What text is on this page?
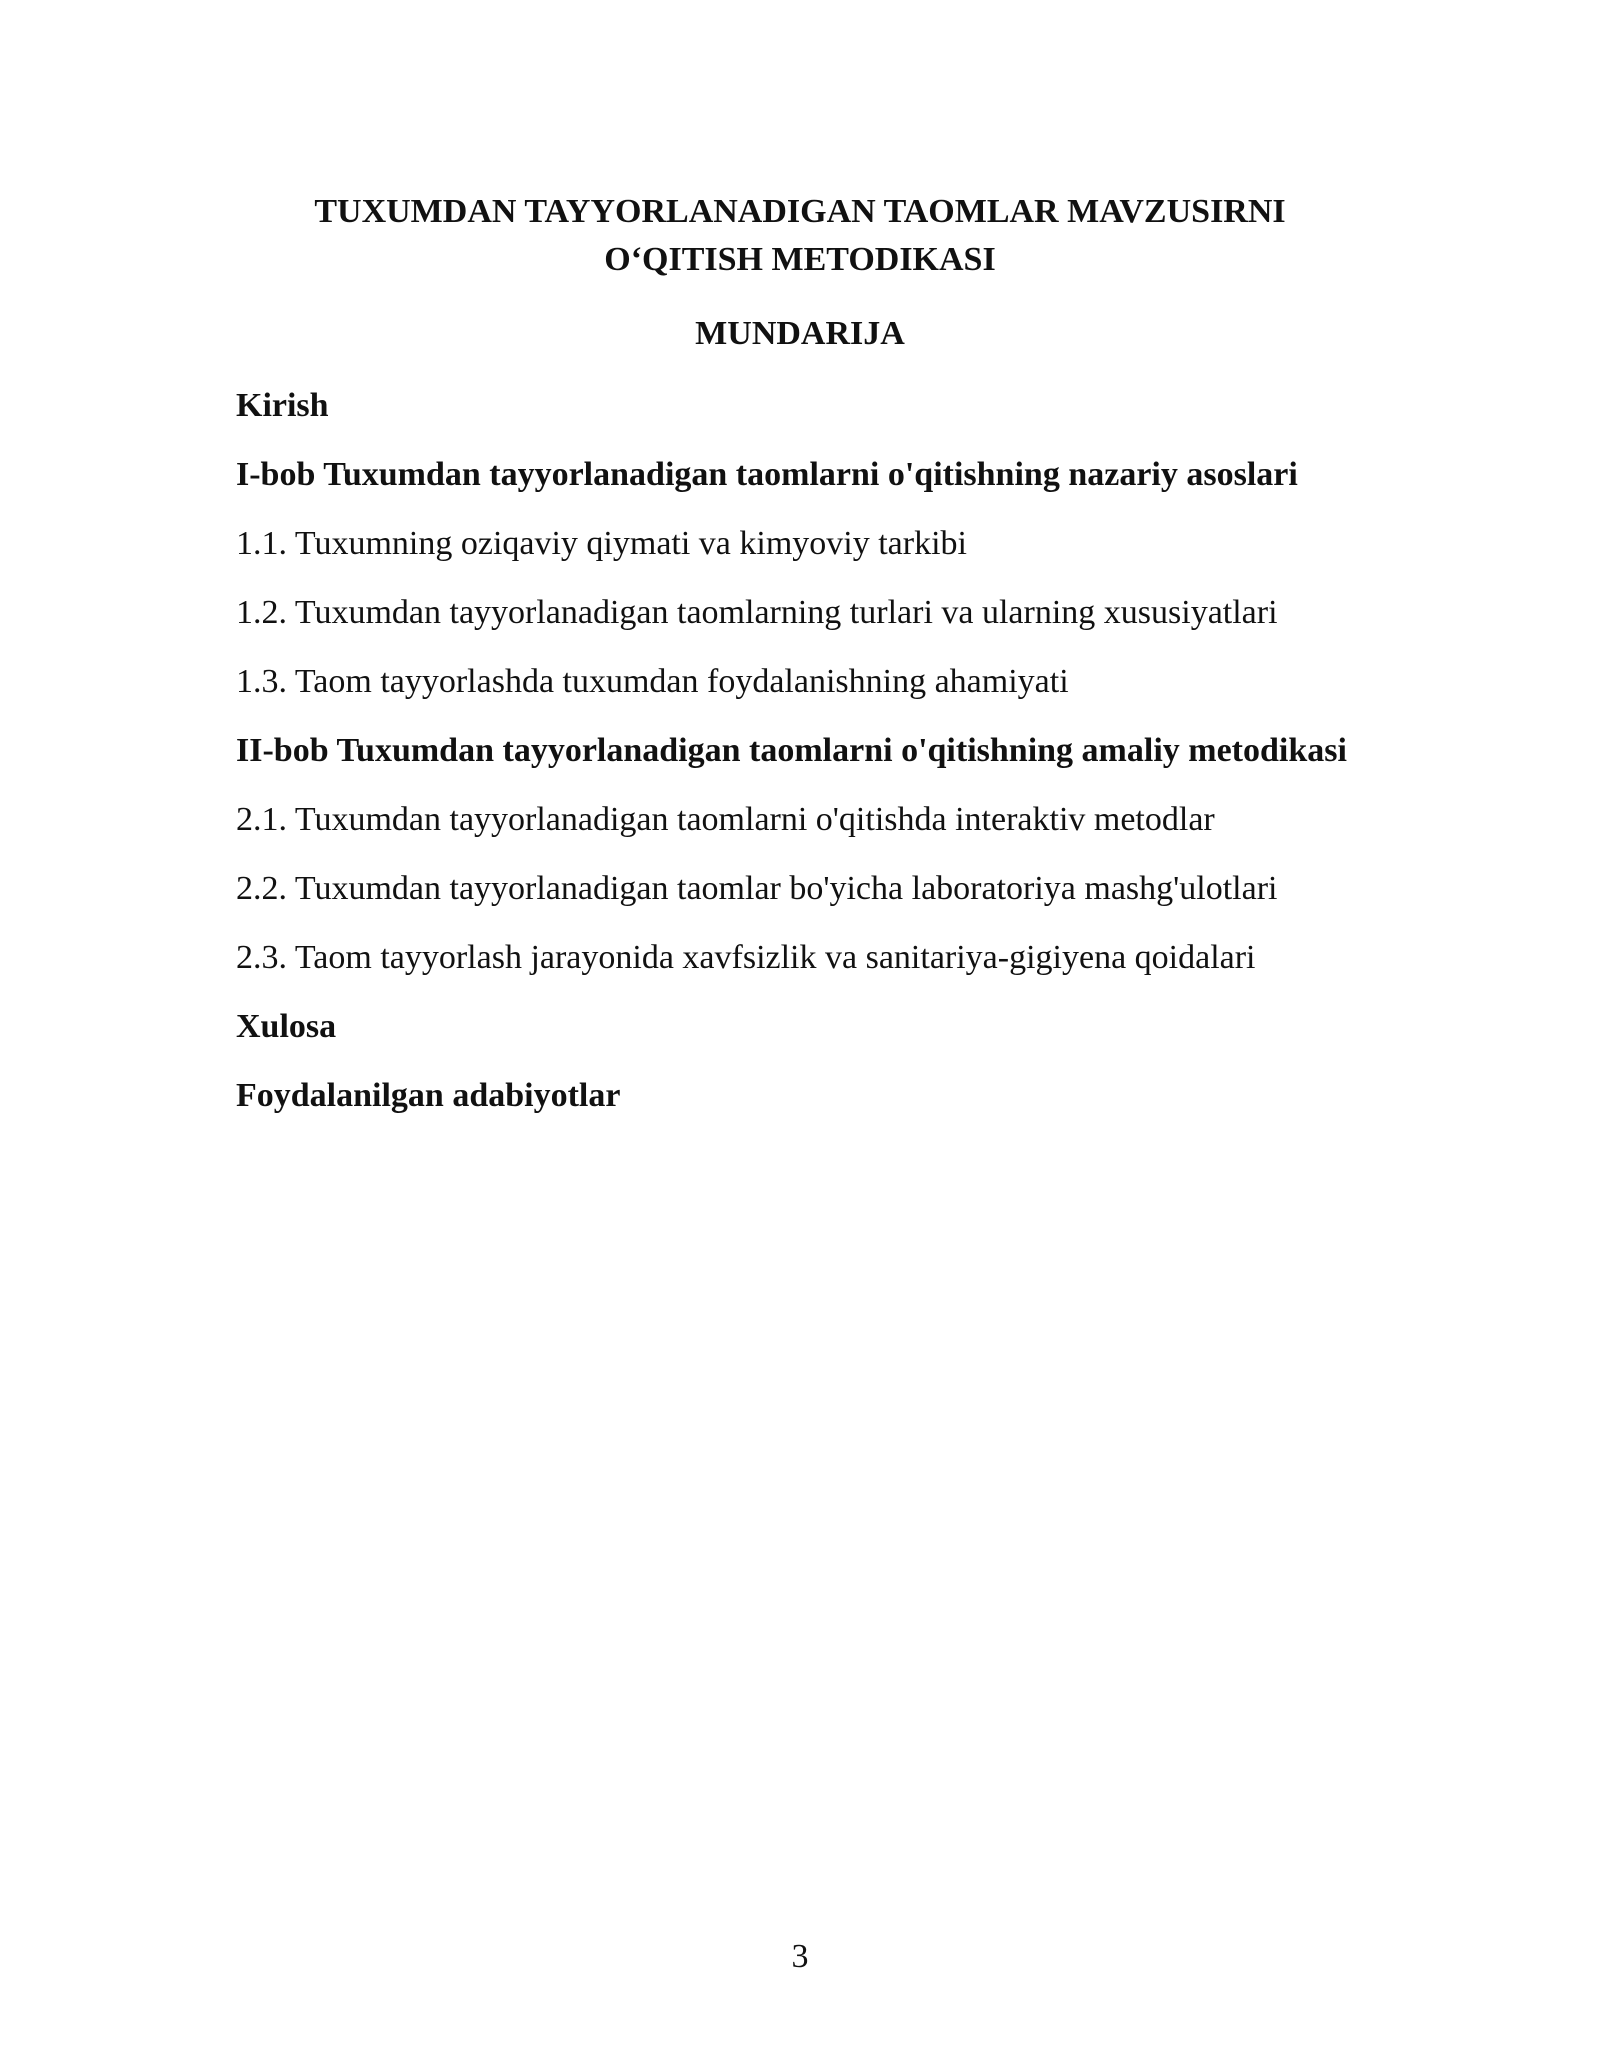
TUXUMDAN TAYYORLANADIGAN TAOMLAR MAVZUSIRNI
O‘QITISH METODIKASI
MUNDARIJA
Kirish
I-bob Tuxumdan tayyorlanadigan taomlarni o'qitishning nazariy asoslari
1.1. Tuxumning oziqaviy qiymati va kimyoviy tarkibi
1.2. Tuxumdan tayyorlanadigan taomlarning turlari va ularning xususiyatlari
1.3. Taom tayyorlashda tuxumdan foydalanishning ahamiyati
II-bob Tuxumdan tayyorlanadigan taomlarni o'qitishning amaliy metodikasi
2.1. Tuxumdan tayyorlanadigan taomlarni o'qitishda interaktiv metodlar
2.2. Tuxumdan tayyorlanadigan taomlar bo'yicha laboratoriya mashg'ulotlari
2.3. Taom tayyorlash jarayonida xavfsizlik va sanitariya-gigiyena qoidalari
Xulosa
Foydalanilgan adabiyotlar
3
